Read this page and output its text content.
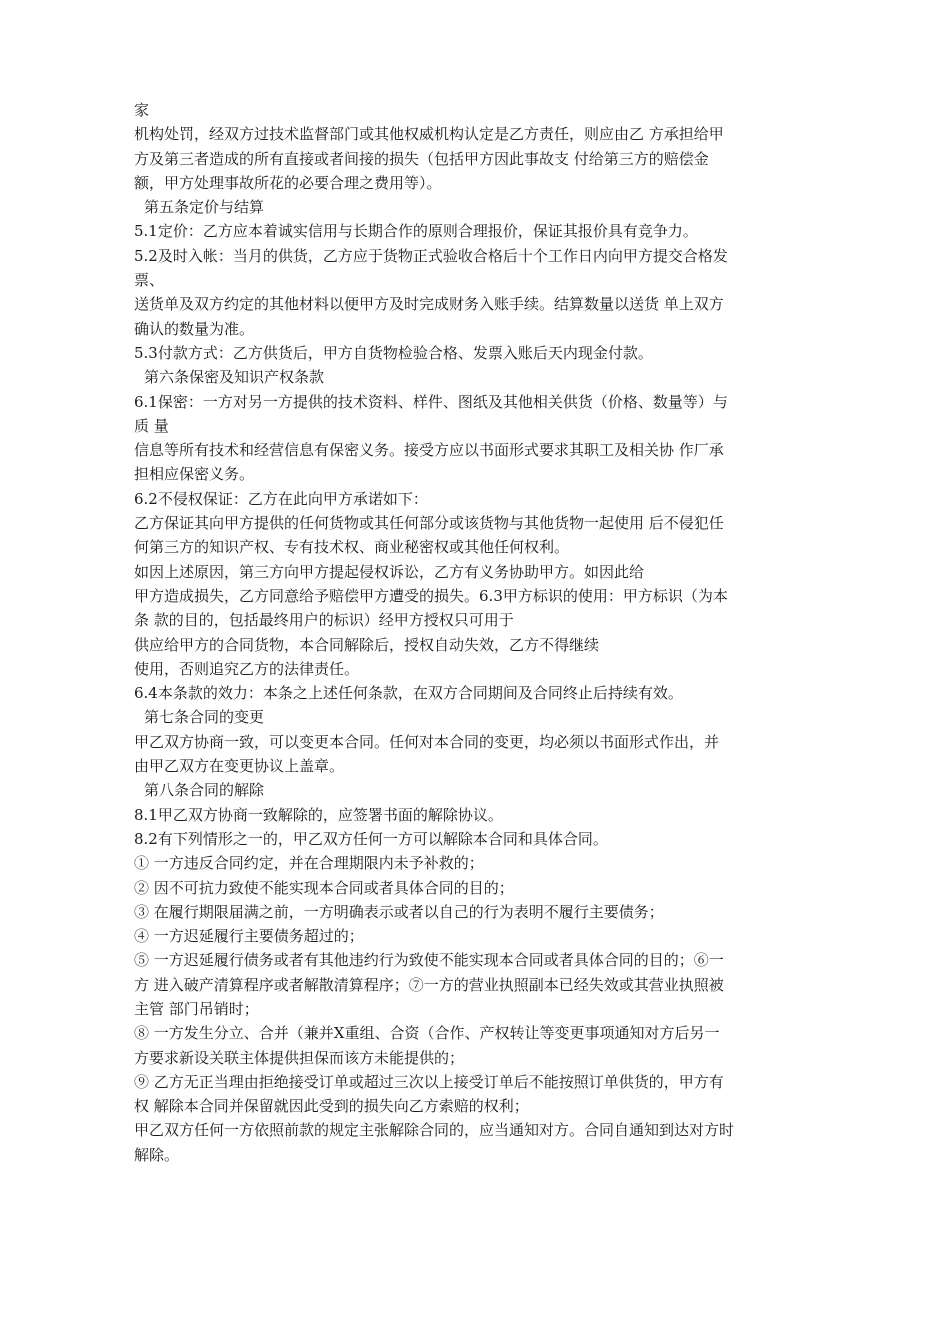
家
机构处罚，经双方过技术监督部门或其他权威机构认定是乙方责任，则应由乙 方承担给甲
方及第三者造成的所有直接或者间接的损失（包括甲方因此事故支 付给第三方的赔偿金
额，甲方处理事故所花的必要合理之费用等）。
第五条定价与结算
5.1定价：乙方应本着诚实信用与长期合作的原则合理报价，保证其报价具有竞争力。
5.2及时入帐：当月的供货，乙方应于货物正式验收合格后十个工作日内向甲方提交合格发
票、
送货单及双方约定的其他材料以便甲方及时完成财务入账手续。结算数量以送货 单上双方
确认的数量为准。
5.3付款方式：乙方供货后，甲方自货物检验合格、发票入账后天内现金付款。
第六条保密及知识产权条款
6.1保密：一方对另一方提供的技术资料、样件、图纸及其他相关供货（价格、数量等）与
质 量
信息等所有技术和经营信息有保密义务。接受方应以书面形式要求其职工及相关协 作厂承
担相应保密义务。
6.2不侵权保证：乙方在此向甲方承诺如下：
乙方保证其向甲方提供的任何货物或其任何部分或该货物与其他货物一起使用 后不侵犯任
何第三方的知识产权、专有技术权、商业秘密权或其他任何权利。
如因上述原因，第三方向甲方提起侵权诉讼，乙方有义务协助甲方。如因此给
甲方造成损失，乙方同意给予赔偿甲方遭受的损失。6.3甲方标识的使用：甲方标识（为本
条 款的目的，包括最终用户的标识）经甲方授权只可用于
供应给甲方的合同货物，本合同解除后，授权自动失效，乙方不得继续
使用，否则追究乙方的法律责任。
6.4本条款的效力：本条之上述任何条款，在双方合同期间及合同终止后持续有效。
第七条合同的变更
甲乙双方协商一致，可以变更本合同。任何对本合同的变更，均必须以书面形式作出，并
由甲乙双方在变更协议上盖章。
第八条合同的解除
8.1甲乙双方协商一致解除的，应签署书面的解除协议。
8.2有下列情形之一的，甲乙双方任何一方可以解除本合同和具体合同。
① 一方违反合同约定，并在合理期限内未予补救的；
② 因不可抗力致使不能实现本合同或者具体合同的目的；
③ 在履行期限届满之前，一方明确表示或者以自己的行为表明不履行主要债务；
④ 一方迟延履行主要债务超过的；
⑤ 一方迟延履行债务或者有其他违约行为致使不能实现本合同或者具体合同的目的；⑥一
方 进入破产清算程序或者解散清算程序；⑦一方的营业执照副本已经失效或其营业执照被
主管 部门吊销时；
⑧ 一方发生分立、合并（兼并X重组、合资（合作、产权转让等变更事项通知对方后另一
方要求新设关联主体提供担保而该方未能提供的；
⑨ 乙方无正当理由拒绝接受订单或超过三次以上接受订单后不能按照订单供货的，甲方有
权 解除本合同并保留就因此受到的损失向乙方索赔的权利；
甲乙双方任何一方依照前款的规定主张解除合同的，应当通知对方。合同自通知到达对方时
解除。
